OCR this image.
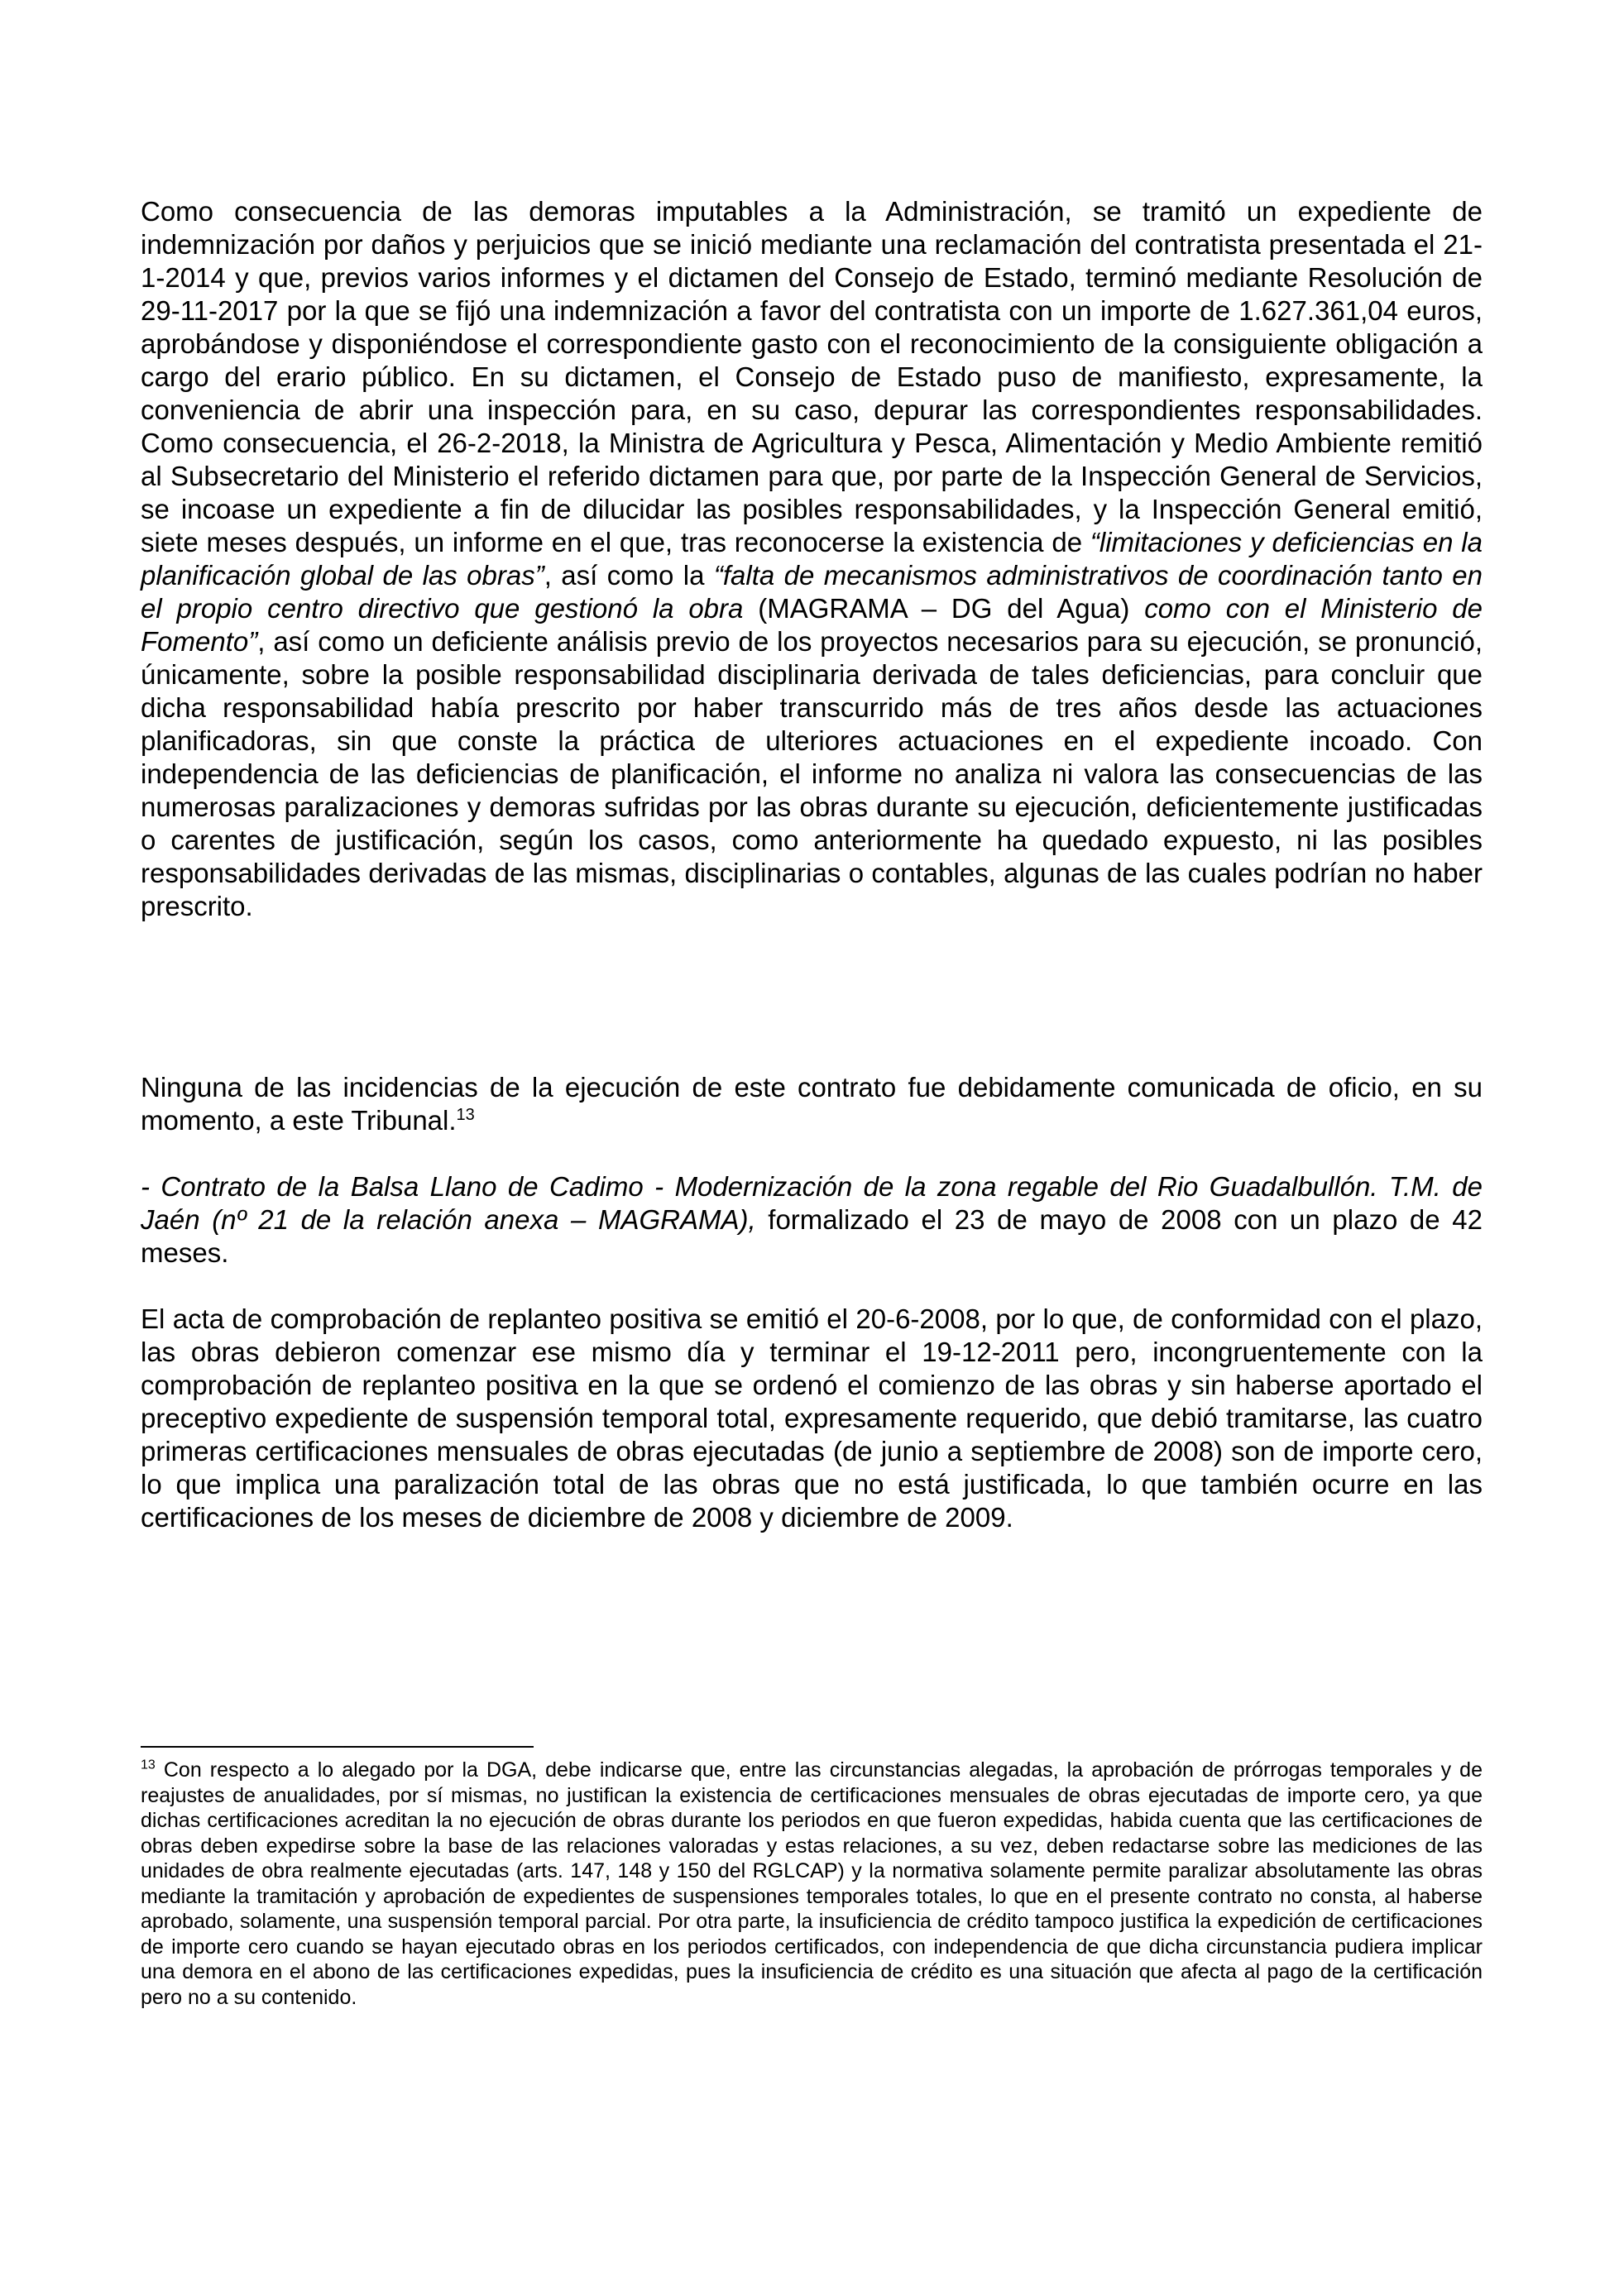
Como consecuencia de las demoras imputables a la Administración, se tramitó un expediente de indemnización por daños y perjuicios que se inició mediante una reclamación del contratista presentada el 21-1-2014 y que, previos varios informes y el dictamen del Consejo de Estado, terminó mediante Resolución de 29-11-2017 por la que se fijó una indemnización a favor del contratista con un importe de 1.627.361,04 euros, aprobándose y disponiéndose el correspondiente gasto con el reconocimiento de la consiguiente obligación a cargo del erario público. En su dictamen, el Consejo de Estado puso de manifiesto, expresamente, la conveniencia de abrir una inspección para, en su caso, depurar las correspondientes responsabilidades. Como consecuencia, el 26-2-2018, la Ministra de Agricultura y Pesca, Alimentación y Medio Ambiente remitió al Subsecretario del Ministerio el referido dictamen para que, por parte de la Inspección General de Servicios, se incoase un expediente a fin de dilucidar las posibles responsabilidades, y la Inspección General emitió, siete meses después, un informe en el que, tras reconocerse la existencia de “limitaciones y deficiencias en la planificación global de las obras”, así como la “falta de mecanismos administrativos de coordinación tanto en el propio centro directivo que gestionó la obra (MAGRAMA – DG del Agua) como con el Ministerio de Fomento”, así como un deficiente análisis previo de los proyectos necesarios para su ejecución, se pronunció, únicamente, sobre la posible responsabilidad disciplinaria derivada de tales deficiencias, para concluir que dicha responsabilidad había prescrito por haber transcurrido más de tres años desde las actuaciones planificadoras, sin que conste la práctica de ulteriores actuaciones en el expediente incoado. Con independencia de las deficiencias de planificación, el informe no analiza ni valora las consecuencias de las numerosas paralizaciones y demoras sufridas por las obras durante su ejecución, deficientemente justificadas o carentes de justificación, según los casos, como anteriormente ha quedado expuesto, ni las posibles responsabilidades derivadas de las mismas, disciplinarias o contables, algunas de las cuales podrían no haber prescrito.

Ninguna de las incidencias de la ejecución de este contrato fue debidamente comunicada de oficio, en su momento, a este Tribunal.$^{13}$

- Contrato de la Balsa Llano de Cadimo - Modernización de la zona regable del Rio Guadalbullón. T.M. de Jaén (nº 21 de la relación anexa – MAGRAMA), formalizado el 23 de mayo de 2008 con un plazo de 42 meses.

El acta de comprobación de replanteo positiva se emitió el 20-6-2008, por lo que, de conformidad con el plazo, las obras debieron comenzar ese mismo día y terminar el 19-12-2011 pero, incongruentemente con la comprobación de replanteo positiva en la que se ordenó el comienzo de las obras y sin haberse aportado el preceptivo expediente de suspensión temporal total, expresamente requerido, que debió tramitarse, las cuatro primeras certificaciones mensuales de obras ejecutadas (de junio a septiembre de 2008) son de importe cero, lo que implica una paralización total de las obras que no está justificada, lo que también ocurre en las certificaciones de los meses de diciembre de 2008 y diciembre de 2009.

$^{13}$ Con respecto a lo alegado por la DGA, debe indicarse que, entre las circunstancias alegadas, la aprobación de prórrogas temporales y de reajustes de anualidades, por sí mismas, no justifican la existencia de certificaciones mensuales de obras ejecutadas de importe cero, ya que dichas certificaciones acreditan la no ejecución de obras durante los periodos en que fueron expedidas, habida cuenta que las certificaciones de obras deben expedirse sobre la base de las relaciones valoradas y estas relaciones, a su vez, deben redactarse sobre las mediciones de las unidades de obra realmente ejecutadas (arts. 147, 148 y 150 del RGLCAP) y la normativa solamente permite paralizar absolutamente las obras mediante la tramitación y aprobación de expedientes de suspensiones temporales totales, lo que en el presente contrato no consta, al haberse aprobado, solamente, una suspensión temporal parcial. Por otra parte, la insuficiencia de crédito tampoco justifica la expedición de certificaciones de importe cero cuando se hayan ejecutado obras en los periodos certificados, con independencia de que dicha circunstancia pudiera implicar una demora en el abono de las certificaciones expedidas, pues la insuficiencia de crédito es una situación que afecta al pago de la certificación pero no a su contenido.
